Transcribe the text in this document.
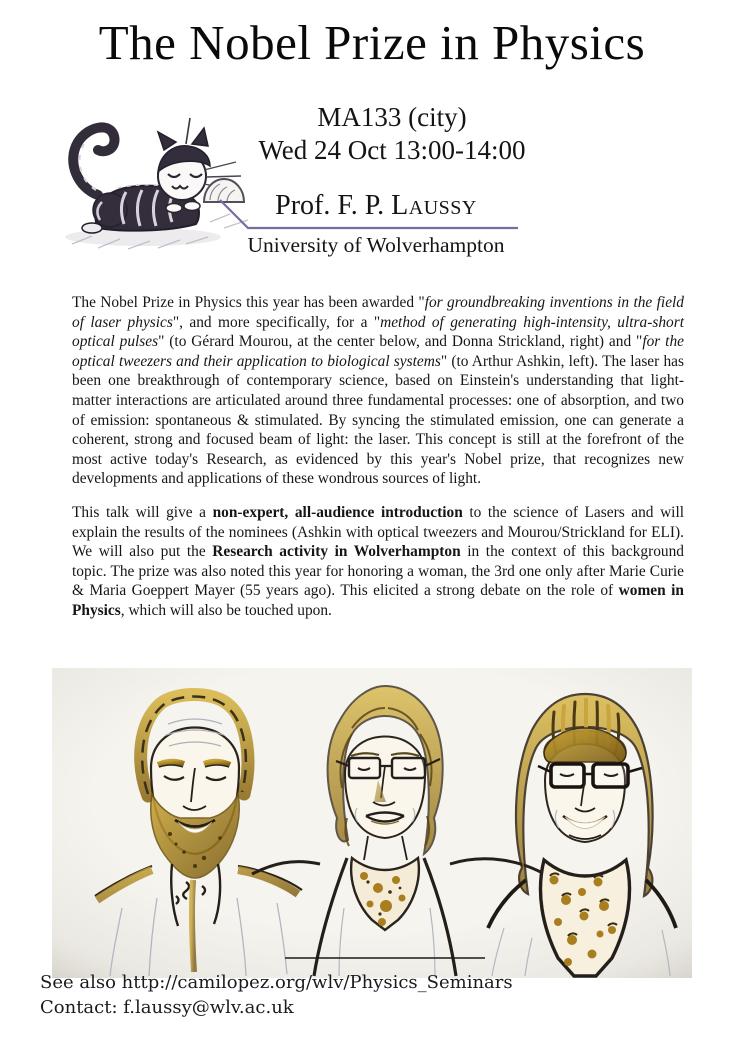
The Nobel Prize in Physics
MA133 (city)
Wed 24 Oct 13:00-14:00
Prof. F. P. Laussy
University of Wolverhampton

The Nobel Prize in Physics this year has been awarded "for groundbreaking inventions in the field of laser physics", and more specifically, for a "method of generating high-intensity, ultra-short optical pulses" (to Gérard Mourou, at the center below, and Donna Strickland, right) and "for the optical tweezers and their application to biological systems" (to Arthur Ashkin, left). The laser has been one breakthrough of contemporary science, based on Einstein's understanding that light-matter interactions are articulated around three fundamental processes: one of absorption, and two of emission: spontaneous & stimulated. By syncing the stimulated emission, one can generate a coherent, strong and focused beam of light: the laser. This concept is still at the forefront of the most active today's Research, as evidenced by this year's Nobel prize, that recognizes new developments and applications of these wondrous sources of light.

This talk will give a non-expert, all-audience introduction to the science of Lasers and will explain the results of the nominees (Ashkin with optical tweezers and Mourou/Strickland for ELI). We will also put the Research activity in Wolverhampton in the context of this background topic. The prize was also noted this year for honoring a woman, the 3rd one only after Marie Curie & Maria Goeppert Mayer (55 years ago). This elicited a strong debate on the role of women in Physics, which will also be touched upon.

See also http://camilopez.org/wlv/Physics_Seminars
Contact: f.laussy@wlv.ac.uk
